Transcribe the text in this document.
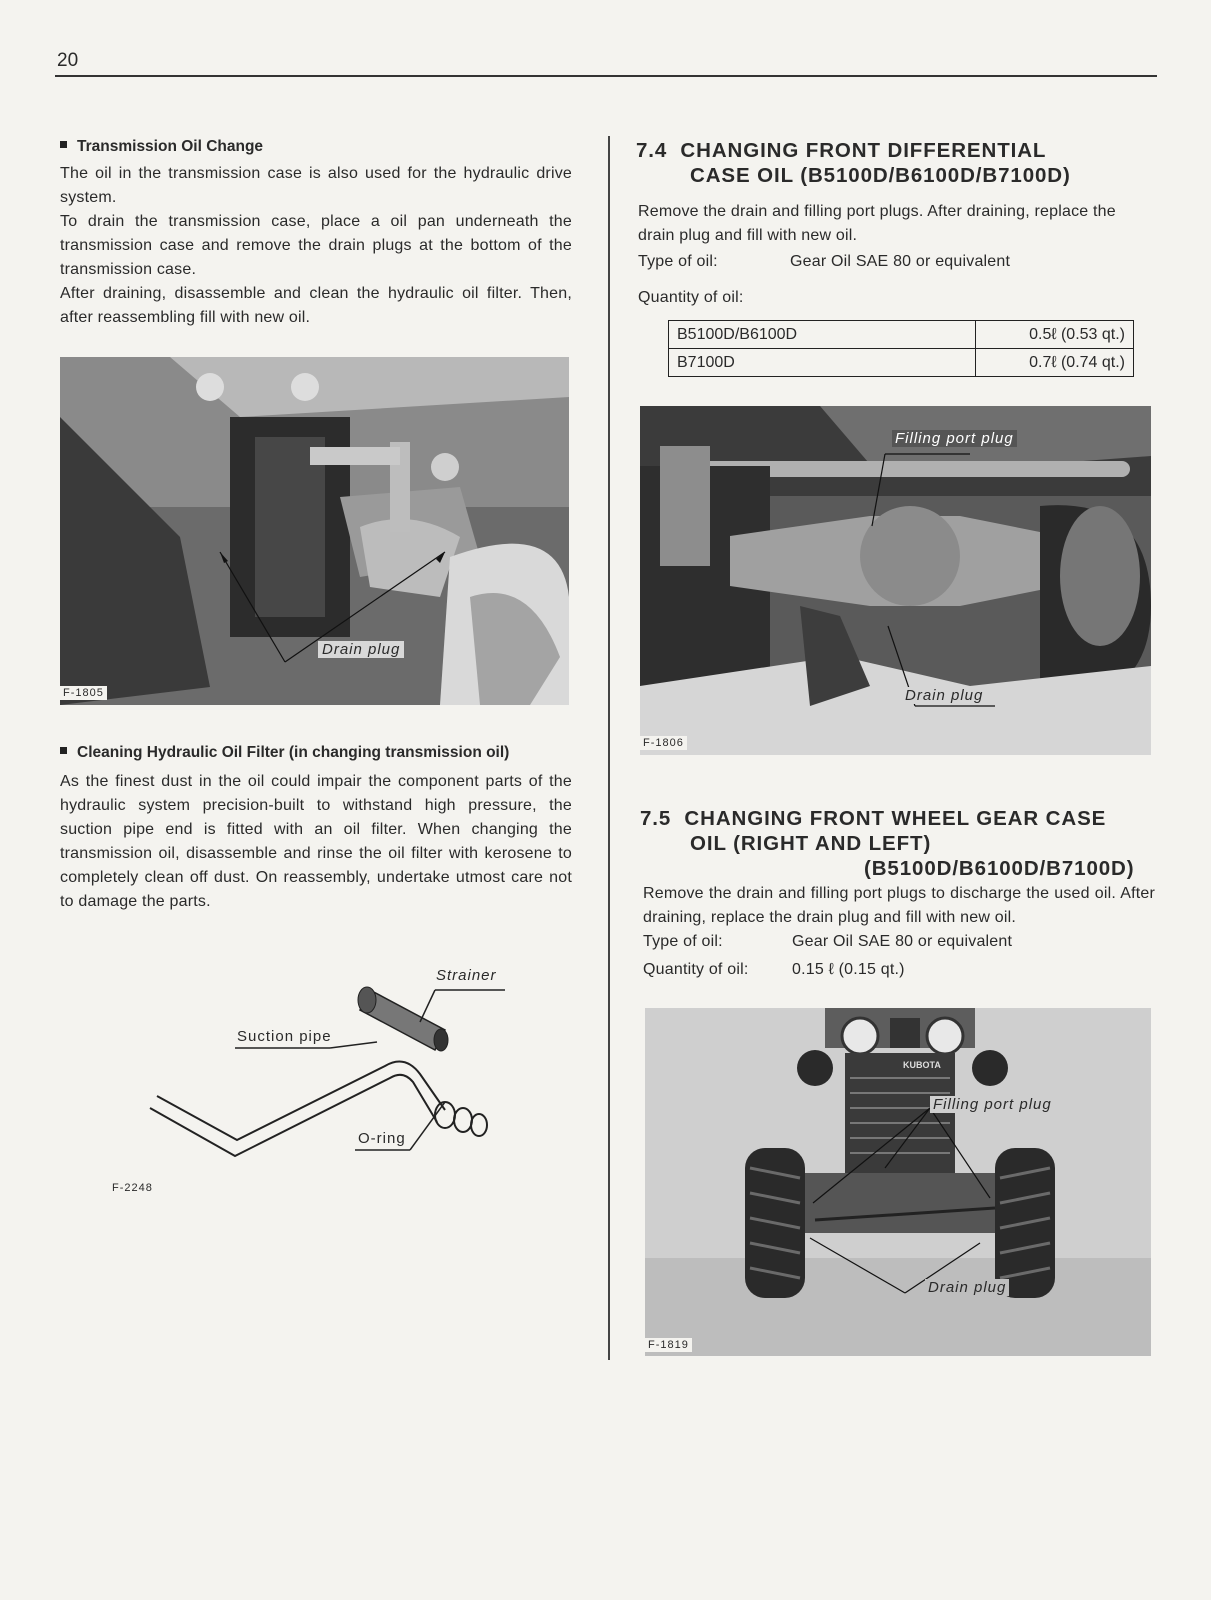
20
Transmission Oil Change
The oil in the transmission case is also used for the hydraulic drive system.
To drain the transmission case, place a oil pan underneath the transmission case and remove the drain plugs at the bottom of the transmission case.
After draining, disassemble and clean the hydraulic oil filter. Then, after reassembling fill with new oil.
Drain plug
F-1805
Cleaning Hydraulic Oil Filter (in changing transmission oil)
As the finest dust in the oil could impair the component parts of the hydraulic system precision-built to withstand high pressure, the suction pipe end is fitted with an oil filter. When changing the transmission oil, disassemble and rinse the oil filter with kerosene to completely clean off dust. On reassembly, undertake utmost care not to damage the parts.
Strainer
Suction pipe
O-ring
F-2248
7.4 CHANGING FRONT DIFFERENTIAL
CASE OIL (B5100D/B6100D/B7100D)
Remove the drain and filling port plugs. After draining, replace the drain plug and fill with new oil.
Type of oil:	Gear Oil SAE 80 or equivalent
Quantity of oil:
B5100D/B6100D	0.5ℓ (0.53 qt.)
B7100D	0.7ℓ (0.74 qt.)
Filling port plug
Drain plug
F-1806
7.5 CHANGING FRONT WHEEL GEAR CASE
OIL (RIGHT AND LEFT)
(B5100D/B6100D/B7100D)
Remove the drain and filling port plugs to discharge the used oil. After draining, replace the drain plug and fill with new oil.
Type of oil:	Gear Oil SAE 80 or equivalent
Quantity of oil:	0.15 ℓ (0.15 qt.)
KUBOTA
Filling port plug
Drain plug
F-1819
